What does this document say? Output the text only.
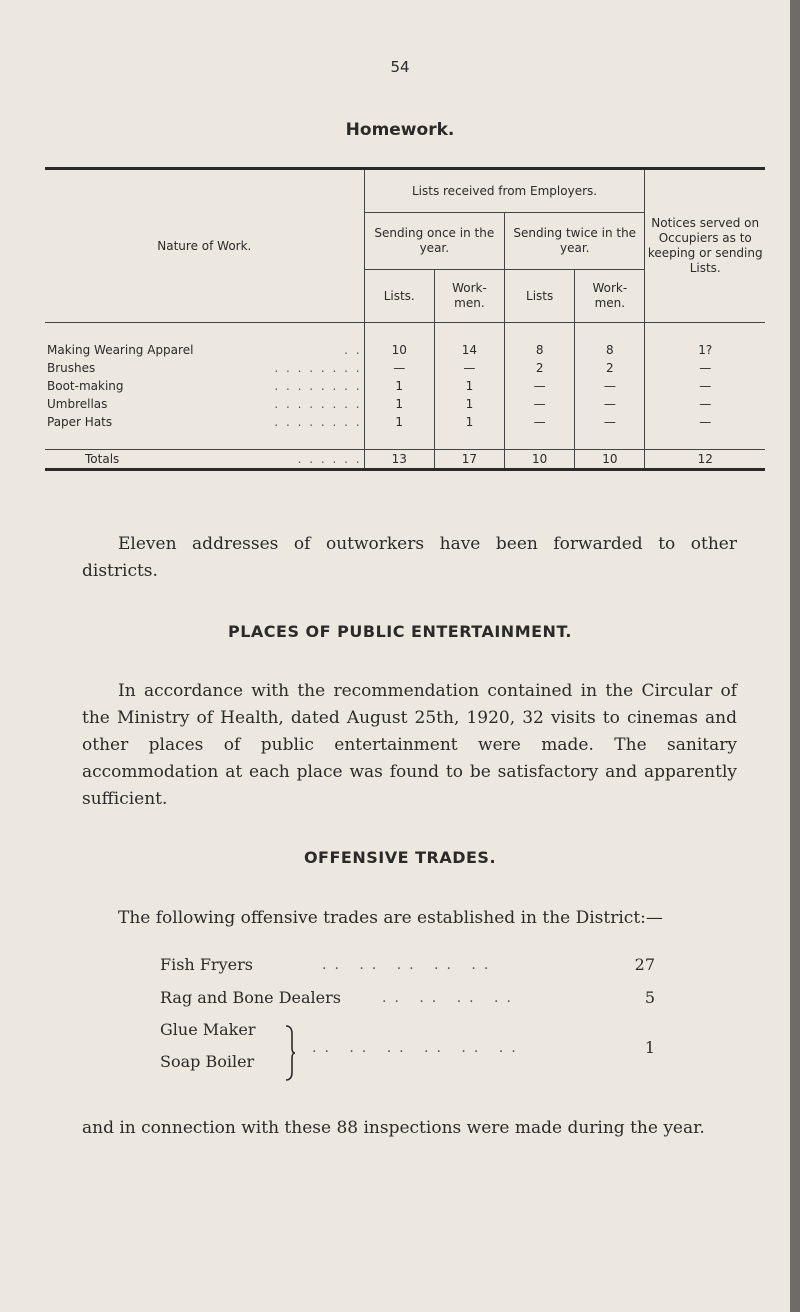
54
Homework.
Nature of Work.	Lists received from Employers.				Notices served on Occupiers as to keeping or sending Lists.
	Sending once in the year.		Sending twice in the year.		
	Lists.	Work- men.	Lists	Work- men.	

Making Wearing Apparel . .	10	14	8	8	1?
Brushes . . . . . . . .	—	—	2	2	—
Boot-making . . . . . . . .	1	1	—	—	—
Umbrellas . . . . . . . .	1	1	—	—	—
Paper Hats . . . . . . . .	1	1	—	—	—

Totals . . . . . .	13	17	10	10	12
Eleven addresses of outworkers have been forwarded to other districts.
PLACES OF PUBLIC ENTERTAINMENT.
In accordance with the recommendation contained in the Circular of the Ministry of Health, dated August 25th, 1920, 32 visits to cinemas and other places of public entertainment were made. The sanitary accommodation at each place was found to be satisfactory and apparently sufficient.
OFFENSIVE TRADES.
The following offensive trades are established in the District:—
Fish Fryers	.. .. .. .. ..	27
Rag and Bone Dealers	.. .. .. ..	5
Glue Maker
Soap Boiler
.. .. .. .. .. ..	1
and in connection with these 88 inspections were made during the year.
